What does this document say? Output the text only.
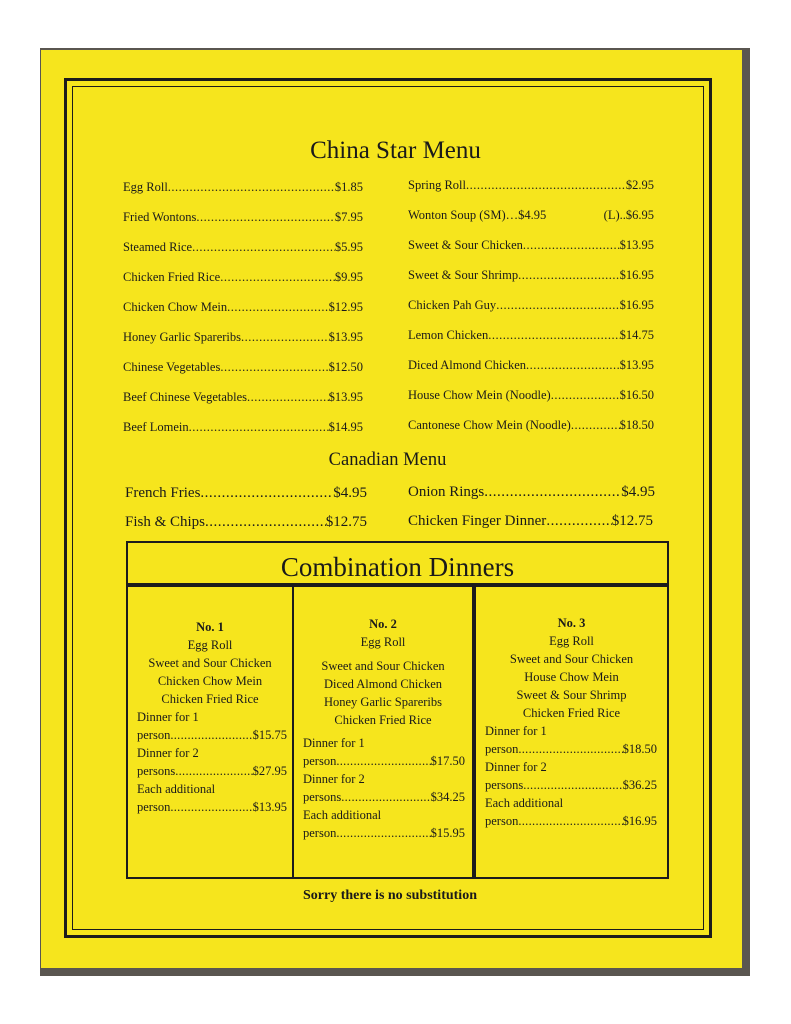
China Star Menu
Egg Roll .....	$1.85
Fried Wontons .....	$7.95
Steamed Rice .....	$5.95
Chicken Fried Rice .....	$9.95
Chicken Chow Mein .....	$12.95
Honey Garlic Spareribs .....	$13.95
Chinese Vegetables .....	$12.50
Beef Chinese Vegetables .....	$13.95
Beef Lomein .....	$14.95
Spring Roll .....	$2.95
Wonton Soup (SM)…$4.95	(L)..$6.95
Sweet & Sour Chicken .....	$13.95
Sweet & Sour Shrimp .....	$16.95
Chicken Pah Guy .....	$16.95
Lemon Chicken .....	$14.75
Diced Almond Chicken .....	$13.95
House Chow Mein (Noodle) .....	$16.50
Cantonese Chow Mein (Noodle) .....	$18.50
Canadian Menu
French Fries .....	$4.95	Onion Rings .....	$4.95
Fish & Chips .....	$12.75	Chicken Finger Dinner .....	$12.75
Combination Dinners
No. 1
Egg Roll
Sweet and Sour Chicken
Chicken Chow Mein
Chicken Fried Rice
Dinner for 1
person .....	$15.75
Dinner for 2
persons .....	$27.95
Each additional
person .....	$13.95
No. 2
Egg Roll
Sweet and Sour Chicken
Diced Almond Chicken
Honey Garlic Spareribs
Chicken Fried Rice
Dinner for 1
person .....	$17.50
Dinner for 2
persons .....	$34.25
Each additional
person .....	$15.95
No. 3
Egg Roll
Sweet and Sour Chicken
House Chow Mein
Sweet & Sour Shrimp
Chicken Fried Rice
Dinner for 1
person .....	$18.50
Dinner for 2
persons .....	$36.25
Each additional
person .....	$16.95
Sorry there is no substitution
